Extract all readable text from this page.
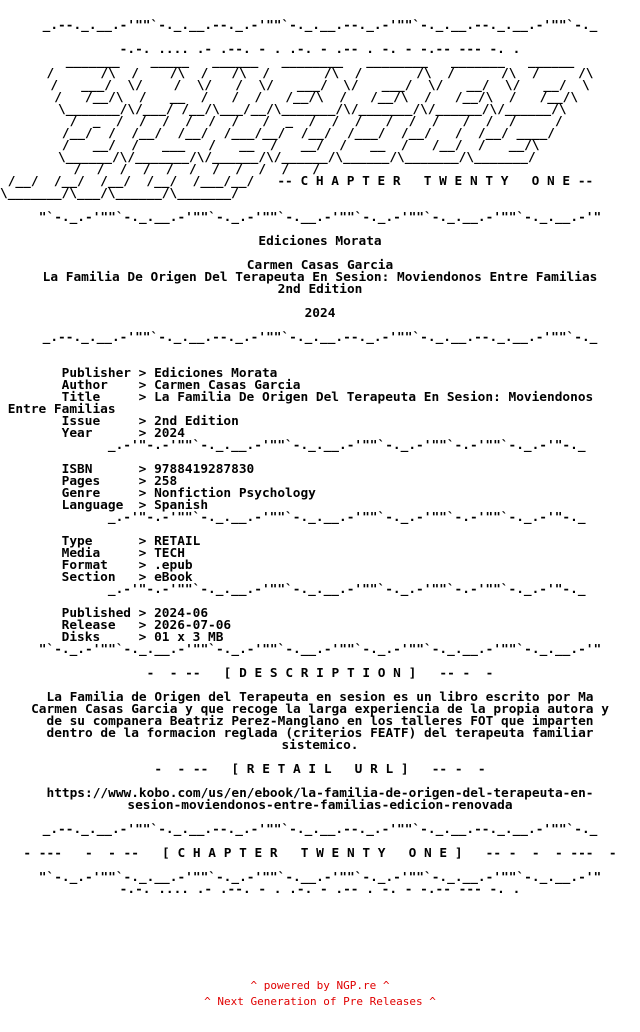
_.--._.__.-'""`-._.__.--._.-'""`-._.__.--._.-'""`-._.__.--._.__.-'""`-._
-.-. .... .- .--. - . .-. - .-- . -. - -.-- --- -. .
_______    _____   ______   ________   ________   _______   ______
/      /\  /    /\  /   /\  /       /\  /       /\  /      /\  /     /\
/   ___/  \/    /  \/   /  \/   ___/  \/   ___/  \/   __/  \/   __/  \
/   /__/\  /   __  /   /  /   /__/\  /   /__/\  /   /__/\  /   /__/\
\_______/\/___/ /__/\___/__/\_______/\/_______/\/______/\/______/\
/  _  /  /  /  /  /  /   /  _  /  /  /   /  /  /   /  /  /     /
/__/  /  /__/  /__/  /___/__/  /__/  /___/  /__/   /  /__/ ____/
/   __/  /   ___   /   __  /   __/  /   __  /   /__/  /   __/\
\______/\/_______/\/______/\/______/\______/\_______/\_______/
/  /  /  /  /  /  /  /  /  /   /
/__/  /__/  /__/  /__/  /___/__/   -- C H A P T E R   T W E N T Y   O N E --
\_______/\___/\______/\_______/
"`-._.-'""`-._.__.-'""`-._.-'""`-.__.-'""`-._.-'""`-._.__.-'""`-._.__.-'"
Ediciones Morata
Carmen Casas Garcia
La Familia De Origen Del Terapeuta En Sesion: Moviendonos Entre Familias
2nd Edition
2024
_.--._.__.-'""`-._.__.--._.-'""`-._.__.--._.-'""`-._.__.--._.__.-'""`-._
Publisher > Ediciones Morata
Author    > Carmen Casas Garcia
Title     > La Familia De Origen Del Terapeuta En Sesion: Moviendonos
Entre Familias
Issue     > 2nd Edition
Year      > 2024
_.-'"-.-'""`-._.__.-'""`-._.__.-'""`-._.-'""`-.-'""`-._.-'"-._
ISBN      > 9788419287830
Pages     > 258
Genre     > Nonfiction Psychology
Language  > Spanish
_.-'"-.-'""`-._.__.-'""`-._.__.-'""`-._.-'""`-.-'""`-._.-'"-._
Type      > RETAIL
Media     > TECH
Format    > .epub
Section   > eBook
_.-'"-.-'""`-._.__.-'""`-._.__.-'""`-._.-'""`-.-'""`-._.-'"-._
Published > 2024-06
Release   > 2026-07-06
Disks     > 01 x 3 MB
"`-._.-'""`-._.__.-'""`-._.-'""`-.__.-'""`-._.-'""`-._.__.-'""`-._.__.-'"
-  - --   [ D E S C R I P T I O N ]   -- -  -
La Familia de Origen del Terapeuta en sesion es un libro escrito por Ma
Carmen Casas Garcia y que recoge la larga experiencia de la propia autora y
de su companera Beatriz Perez-Manglano en los talleres FOT que imparten
dentro de la formacion reglada (criterios FEATF) del terapeuta familiar
sistemico.
-  - --   [ R E T A I L   U R L ]   -- -  -
https://www.kobo.com/us/en/ebook/la-familia-de-origen-del-terapeuta-en-
sesion-moviendonos-entre-familias-edicion-renovada
_.--._.__.-'""`-._.__.--._.-'""`-._.__.--._.-'""`-._.__.--._.__.-'""`-._
- ---   -  - --   [ C H A P T E R   T W E N T Y   O N E ]   -- -  -  - ---  -
"`-._.-'""`-._.__.-'""`-._.-'""`-.__.-'""`-._.-'""`-._.__.-'""`-._.__.-'"
-.-. .... .- .--. - . .-. - .-- . -. - -.-- --- -. .
^ powered by NGP.re ^
^ Next Generation of Pre Releases ^
